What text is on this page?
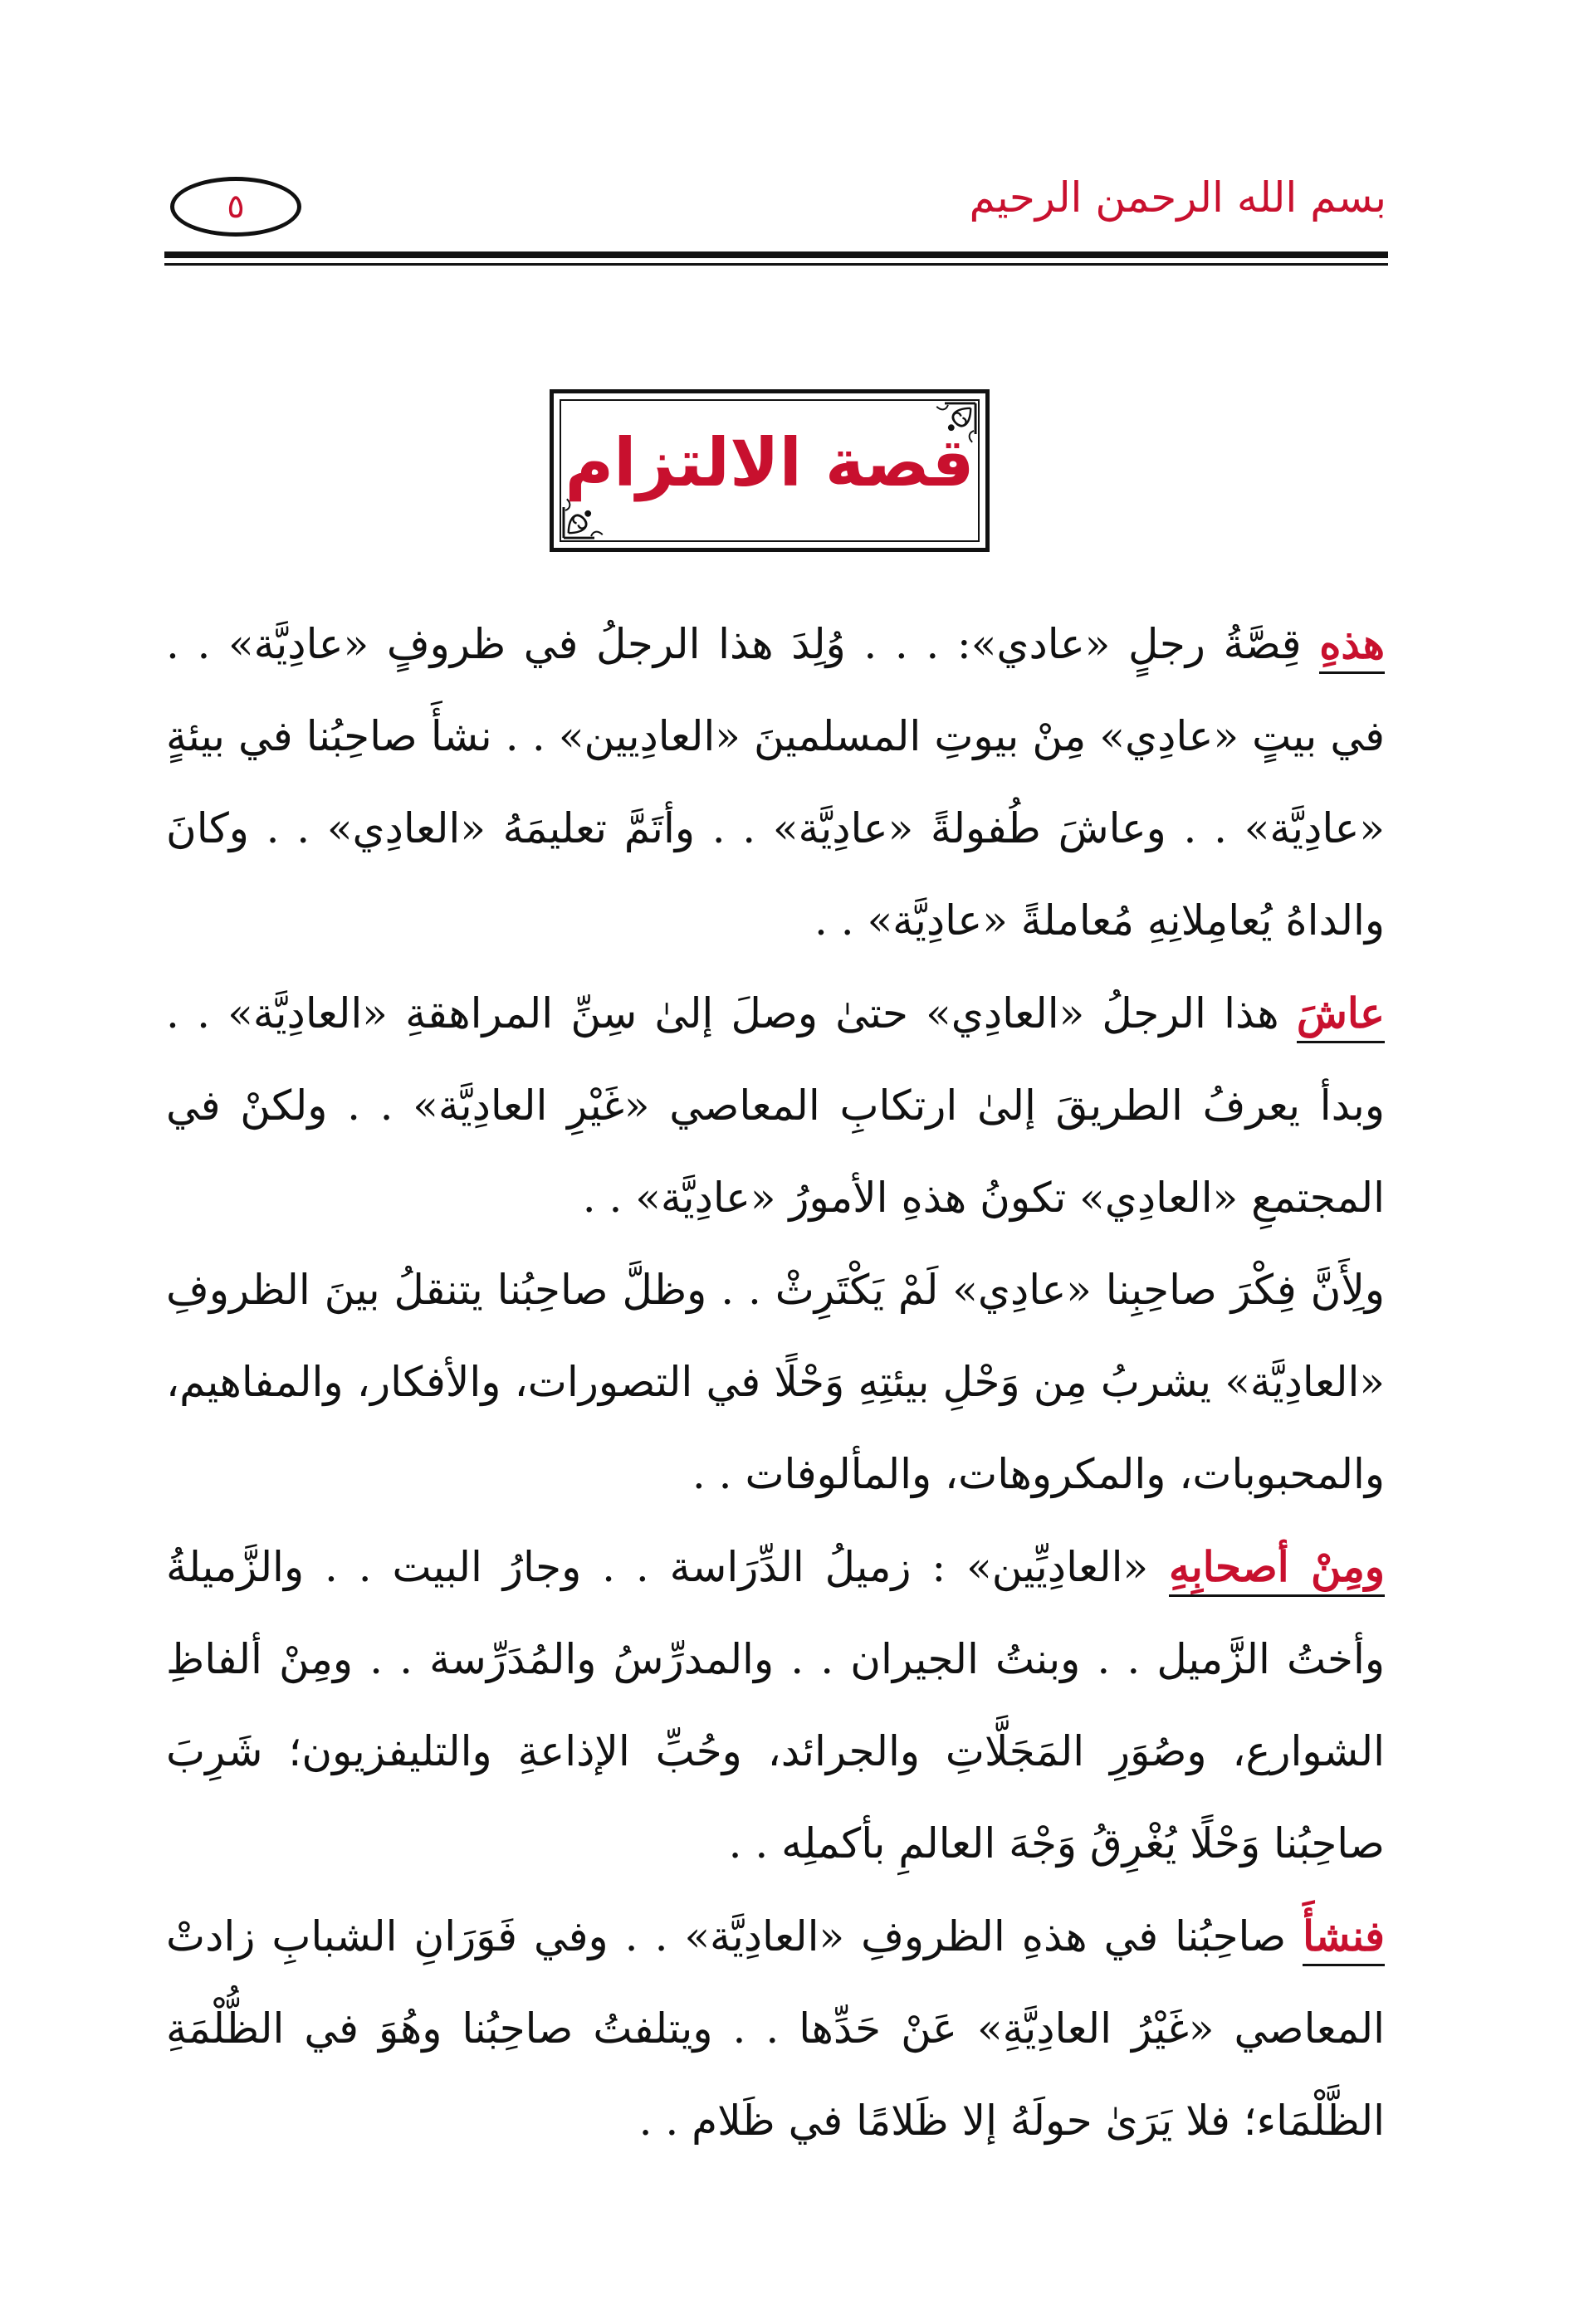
بسم الله الرحمن الرحيم
٥
قصة الالتزام

هذهِ قِصَّةُ رجلٍ «عادي»: . . . وُلِدَ هذا الرجلُ في ظروفٍ «عادِيَّة» . . في بيتٍ «عادِي» مِنْ بيوتِ المسلمينَ «العادِيين» . . نشأَ صاحِبُنا في بيئةٍ «عادِيَّة» . . وعاشَ طُفولةً «عادِيَّة» . . وأتَمَّ تعليمَهُ «العادِي» . . وكانَ والداهُ يُعامِلانِهِ مُعاملةً «عادِيَّة» . .

عاشَ هذا الرجلُ «العادِي» حتىٰ وصلَ إلىٰ سِنِّ المراهقةِ «العادِيَّة» . . وبدأ يعرفُ الطريقَ إلىٰ ارتكابِ المعاصي «غَيْرِ العادِيَّة» . . ولكنْ في المجتمعِ «العادِي» تكونُ هذهِ الأمورُ «عادِيَّة» . .

ولِأَنَّ فِكْرَ صاحِبِنا «عادِي» لَمْ يَكْتَرِثْ . . وظلَّ صاحِبُنا يتنقلُ بينَ الظروفِ «العادِيَّة» يشربُ مِن وَحْلِ بيئتِهِ وَحْلًا في التصورات، والأفكار، والمفاهيم، والمحبوبات، والمكروهات، والمألوفات . .

ومِنْ أصحابِهِ «العادِيِّين» : زميلُ الدِّرَاسة . . وجارُ البيت . . والزَّميلةُ وأختُ الزَّميل . . وبنتُ الجيران . . والمدرِّسُ والمُدَرِّسة . . ومِنْ ألفاظِ الشوارع، وصُوَرِ المَجَلَّاتِ والجرائد، وحُبِّ الإذاعةِ والتليفزيون؛ شَرِبَ صاحِبُنا وَحْلًا يُغْرِقُ وَجْهَ العالمِ بأكملِه . .

فنشأَ صاحِبُنا في هذهِ الظروفِ «العادِيَّة» . . وفي فَوَرَانِ الشبابِ زادتْ المعاصي «غَيْرُ العادِيَّةِ» عَنْ حَدِّها . . ويتلفتُ صاحِبُنا وهُوَ في الظُّلْمَةِ الظَّلْمَاء؛ فلا يَرَىٰ حولَهُ إلا ظَلامًا في ظَلام . .
